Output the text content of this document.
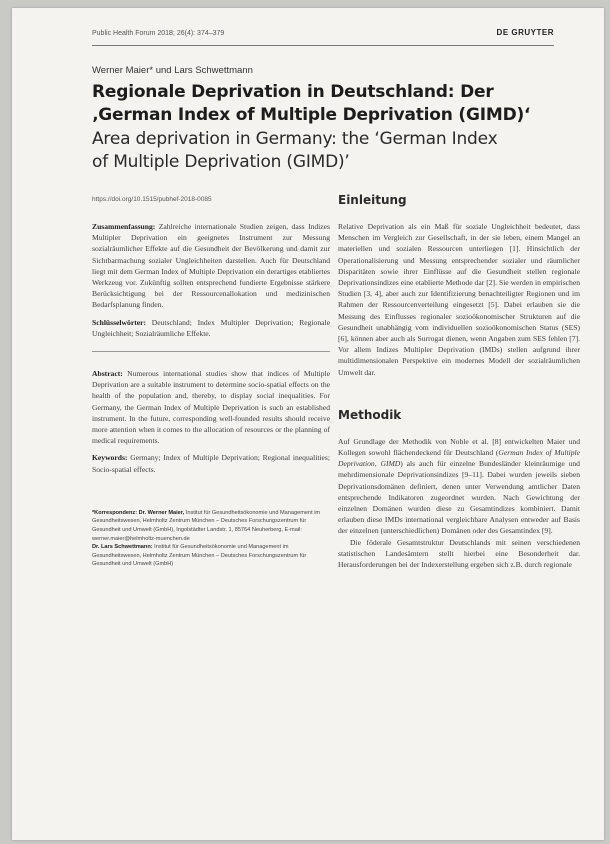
Public Health Forum 2018; 26(4): 374–379	DE GRUYTER
Werner Maier* und Lars Schwettmann
Regionale Deprivation in Deutschland: Der
‚German Index of Multiple Deprivation (GIMD)‘
Area deprivation in Germany: the ‘German Index
of Multiple Deprivation (GIMD)’
https://doi.org/10.1515/pubhef-2018-0085

Zusammenfassung: Zahlreiche internationale Studien zeigen, dass Indizes Multipler Deprivation ein geeignetes Instrument zur Messung sozialräumlicher Effekte auf die Gesundheit der Bevölkerung und damit zur Sichtbarmachung sozialer Ungleichheiten darstellen. Auch für Deutschland liegt mit dem German Index of Multiple Deprivation ein derartiges etabliertes Werkzeug vor. Zukünftig sollten entsprechend fundierte Ergebnisse stärkere Berücksichtigung bei der Ressourcenallokation und medizinischen Bedarfsplanung finden.

Schlüsselwörter: Deutschland; Index Multipler Deprivation; Regionale Ungleichheit; Sozialräumliche Effekte.

Abstract: Numerous international studies show that indices of Multiple Deprivation are a suitable instrument to determine socio-spatial effects on the health of the population and, thereby, to display social inequalities. For Germany, the German Index of Multiple Deprivation is such an established instrument. In the future, corresponding well-founded results should receive more attention when it comes to the allocation of resources or the planning of medical requirements.

Keywords: Germany; Index of Multiple Deprivation; Regional inequalities; Socio-spatial effects.

*Korrespondenz: Dr. Werner Maier, Institut für Gesundheitsökonomie und Management im Gesundheitswesen, Helmholtz Zentrum München – Deutsches Forschungszentrum für Gesundheit und Umwelt (GmbH), Ingolstädter Landstr. 1, 85764 Neuherberg, E-mail: werner.maier@helmholtz-muenchen.de

Dr. Lars Schwettmann: Institut für Gesundheitsökonomie und Management im Gesundheitswesen, Helmholtz Zentrum München – Deutsches Forschungszentrum für Gesundheit und Umwelt (GmbH)

Einleitung

Relative Deprivation als ein Maß für soziale Ungleichheit bedeutet, dass Menschen im Vergleich zur Gesellschaft, in der sie leben, einem Mangel an materiellen und sozialen Ressourcen unterliegen [1]. Hinsichtlich der Operationalisierung und Messung entsprechender sozialer und räumlicher Disparitäten sowie ihrer Einflüsse auf die Gesundheit stellen regionale Deprivationsindizes eine etablierte Methode dar [2]. Sie werden in empirischen Studien [3, 4], aber auch zur Identifizierung benachteiligter Regionen und im Rahmen der Ressourcenverteilung eingesetzt [5]. Dabei erlauben sie die Messung des Einflusses regionaler sozioökonomischer Strukturen auf die Gesundheit unabhängig vom individuellen sozioökonomischen Status (SES) [6], können aber auch als Surrogat dienen, wenn Angaben zum SES fehlen [7]. Vor allem Indizes Multipler Deprivation (IMDs) stellen aufgrund ihrer multidimensionalen Perspektive ein modernes Modell der sozialräumlichen Umwelt dar.

Methodik

Auf Grundlage der Methodik von Noble et al. [8] entwickelten Maier und Kollegen sowohl flächendeckend für Deutschland (German Index of Multiple Deprivation, GIMD) als auch für einzelne Bundesländer kleinräumige und mehrdimensionale Deprivationsindizes [9–11]. Dabei wurden jeweils sieben Deprivationsdomänen definiert, denen unter Verwendung amtlicher Daten entsprechende Indikatoren zugeordnet wurden. Nach Gewichtung der einzelnen Domänen wurden diese zu Gesamtindizes kombiniert. Damit erlauben diese IMDs international vergleichbare Analysen entweder auf Basis der einzelnen (unterschiedlichen) Domänen oder des Gesamtindex [9].

Die föderale Gesamtstruktur Deutschlands mit seinen verschiedenen statistischen Landesämtern stellt hierbei eine Besonderheit dar. Herausforderungen bei der Indexerstellung ergeben sich z.B. durch regionale
